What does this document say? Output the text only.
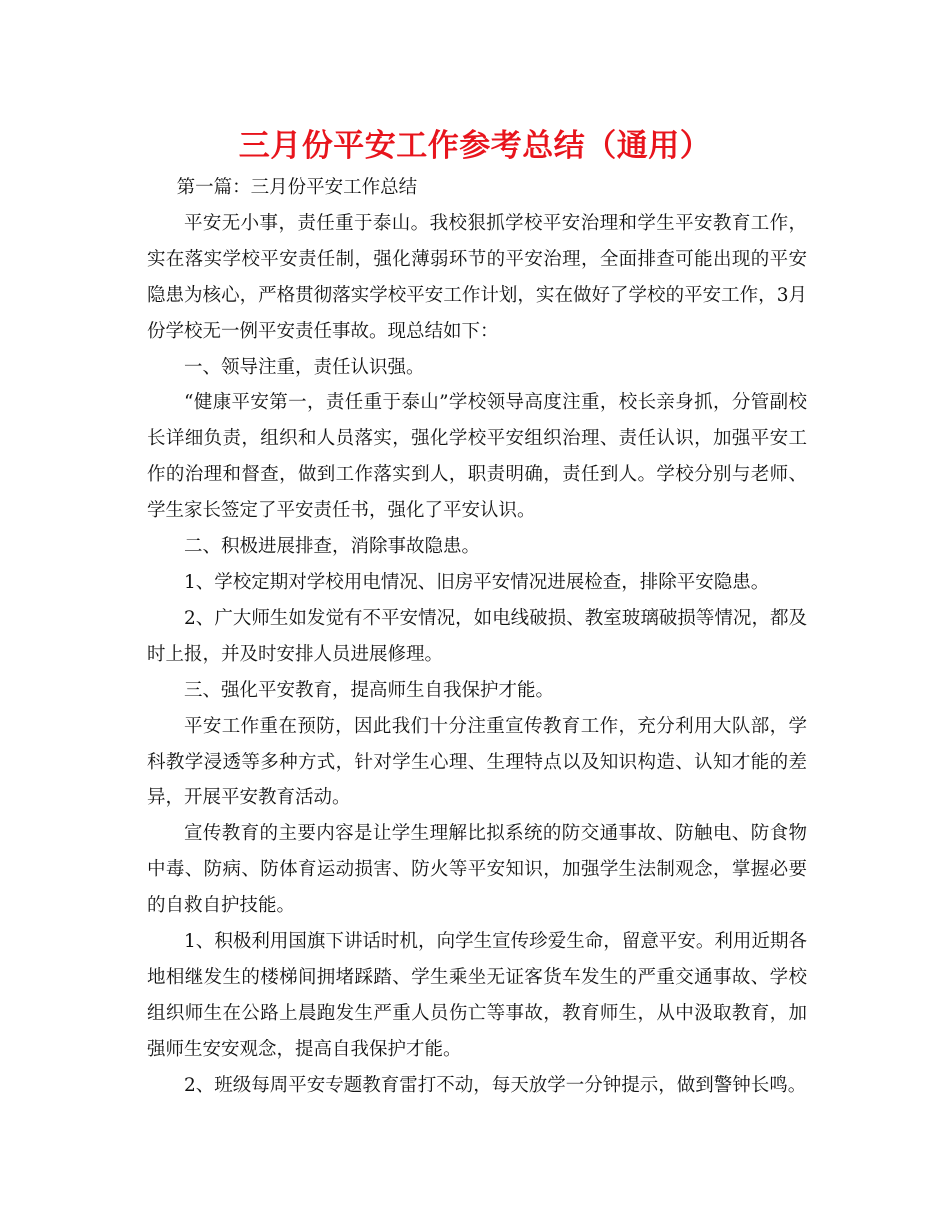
三月份平安工作参考总结（通用）

第一篇：三月份平安工作总结

平安无小事，责任重于泰山。我校狠抓学校平安治理和学生平安教育工作，实在落实学校平安责任制，强化薄弱环节的平安治理，全面排查可能出现的平安隐患为核心，严格贯彻落实学校平安工作计划，实在做好了学校的平安工作，3月份学校无一例平安责任事故。现总结如下：

一、领导注重，责任认识强。

“健康平安第一，责任重于泰山”学校领导高度注重，校长亲身抓，分管副校长详细负责，组织和人员落实，强化学校平安组织治理、责任认识，加强平安工作的治理和督查，做到工作落实到人，职责明确，责任到人。学校分别与老师、学生家长签定了平安责任书，强化了平安认识。

二、积极进展排查，消除事故隐患。

1、学校定期对学校用电情况、旧房平安情况进展检查，排除平安隐患。

2、广大师生如发觉有不平安情况，如电线破损、教室玻璃破损等情况，都及时上报，并及时安排人员进展修理。

三、强化平安教育，提高师生自我保护才能。

平安工作重在预防，因此我们十分注重宣传教育工作，充分利用大队部，学科教学浸透等多种方式，针对学生心理、生理特点以及知识构造、认知才能的差异，开展平安教育活动。

宣传教育的主要内容是让学生理解比拟系统的防交通事故、防触电、防食物中毒、防病、防体育运动损害、防火等平安知识，加强学生法制观念，掌握必要的自救自护技能。

1、积极利用国旗下讲话时机，向学生宣传珍爱生命，留意平安。利用近期各地相继发生的楼梯间拥堵踩踏、学生乘坐无证客货车发生的严重交通事故、学校组织师生在公路上晨跑发生严重人员伤亡等事故，教育师生，从中汲取教育，加强师生安安观念，提高自我保护才能。

2、班级每周平安专题教育雷打不动，每天放学一分钟提示，做到警钟长鸣。
